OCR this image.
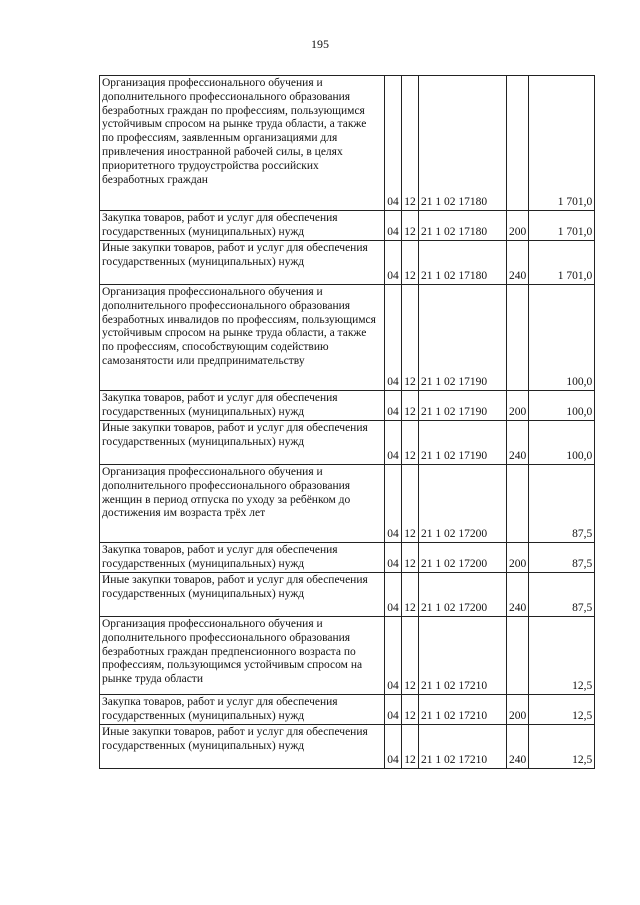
195
Организация профессионального обучения и дополнительного профессионального образования безработных граждан по профессиям, пользующимся устойчивым спросом на рынке труда области, а также по профессиям, заявленным организациями для привлечения иностранной рабочей силы, в целях приоритетного трудоустройства российских безработных граждан	04	12	21 1 02 17180		1 701,0
Закупка товаров, работ и услуг для обеспечения государственных (муниципальных) нужд	04	12	21 1 02 17180	200	1 701,0
Иные закупки товаров, работ и услуг для обеспечения государственных (муниципальных) нужд	04	12	21 1 02 17180	240	1 701,0
Организация профессионального обучения и дополнительного профессионального образования безработных инвалидов по профессиям, пользующимся устойчивым спросом на рынке труда области, а также по профессиям, способствующим содействию самозанятости или предпринимательству	04	12	21 1 02 17190		100,0
Закупка товаров, работ и услуг для обеспечения государственных (муниципальных) нужд	04	12	21 1 02 17190	200	100,0
Иные закупки товаров, работ и услуг для обеспечения государственных (муниципальных) нужд	04	12	21 1 02 17190	240	100,0
Организация профессионального обучения и дополнительного профессионального образования женщин в период отпуска по уходу за ребёнком до достижения им возраста трёх лет	04	12	21 1 02 17200		87,5
Закупка товаров, работ и услуг для обеспечения государственных (муниципальных) нужд	04	12	21 1 02 17200	200	87,5
Иные закупки товаров, работ и услуг для обеспечения государственных (муниципальных) нужд	04	12	21 1 02 17200	240	87,5
Организация профессионального обучения и дополнительного профессионального образования безработных граждан предпенсионного возраста по профессиям, пользующимся устойчивым спросом на рынке труда области	04	12	21 1 02 17210		12,5
Закупка товаров, работ и услуг для обеспечения государственных (муниципальных) нужд	04	12	21 1 02 17210	200	12,5
Иные закупки товаров, работ и услуг для обеспечения государственных (муниципальных) нужд	04	12	21 1 02 17210	240	12,5
